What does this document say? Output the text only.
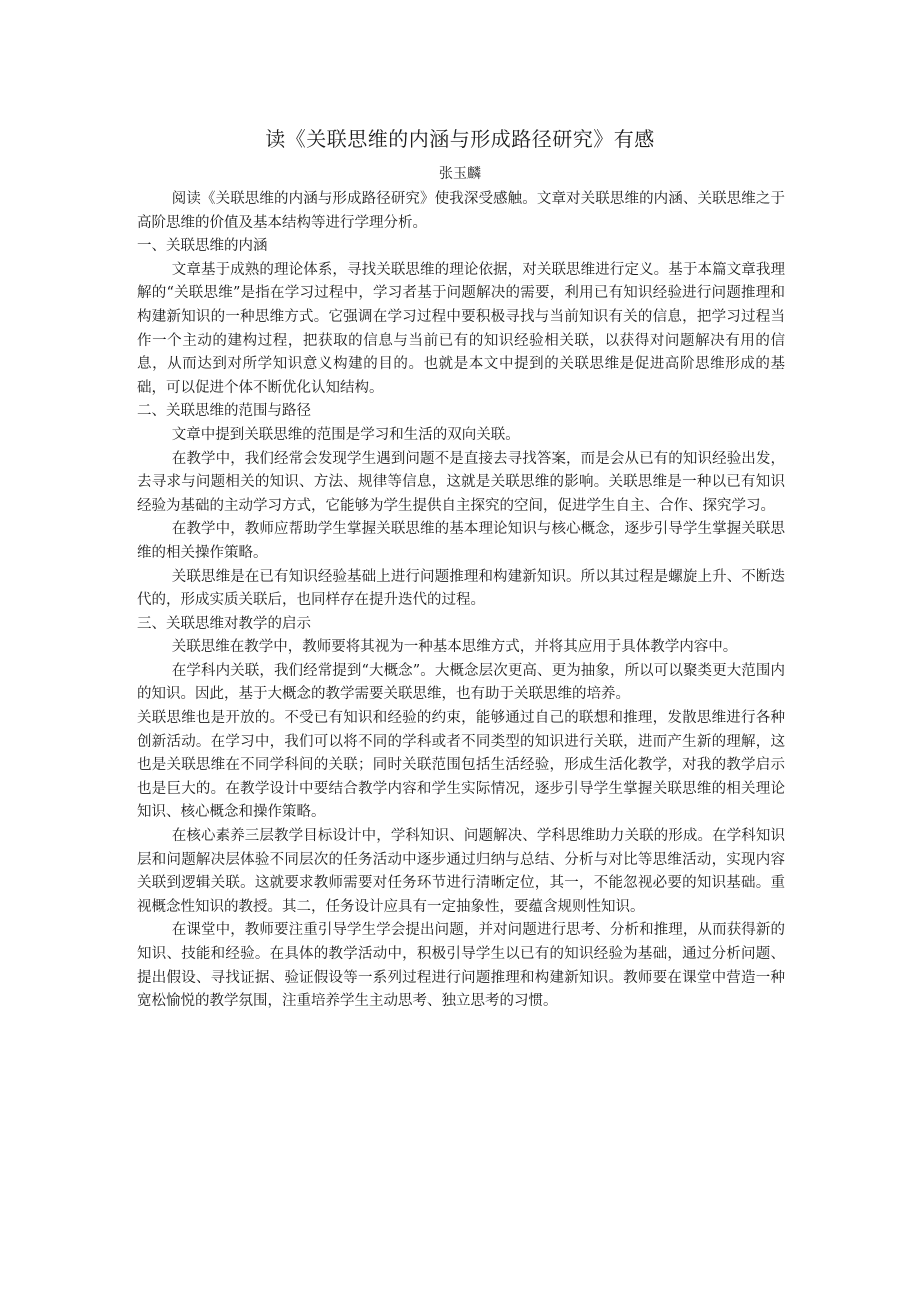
读《关联思维的内涵与形成路径研究》有感
张玉麟

阅读《关联思维的内涵与形成路径研究》使我深受感触。文章对关联思维的内涵、关联思维之于高阶思维的价值及基本结构等进行学理分析。

一、关联思维的内涵

文章基于成熟的理论体系，寻找关联思维的理论依据，对关联思维进行定义。基于本篇文章我理解的“关联思维”是指在学习过程中，学习者基于问题解决的需要，利用已有知识经验进行问题推理和构建新知识的一种思维方式。它强调在学习过程中要积极寻找与当前知识有关的信息，把学习过程当作一个主动的建构过程，把获取的信息与当前已有的知识经验相关联，以获得对问题解决有用的信息，从而达到对所学知识意义构建的目的。也就是本文中提到的关联思维是促进高阶思维形成的基础，可以促进个体不断优化认知结构。

二、关联思维的范围与路径

文章中提到关联思维的范围是学习和生活的双向关联。

在教学中，我们经常会发现学生遇到问题不是直接去寻找答案，而是会从已有的知识经验出发，去寻求与问题相关的知识、方法、规律等信息，这就是关联思维的影响。关联思维是一种以已有知识经验为基础的主动学习方式，它能够为学生提供自主探究的空间，促进学生自主、合作、探究学习。

在教学中，教师应帮助学生掌握关联思维的基本理论知识与核心概念，逐步引导学生掌握关联思维的相关操作策略。

关联思维是在已有知识经验基础上进行问题推理和构建新知识。所以其过程是螺旋上升、不断迭代的，形成实质关联后，也同样存在提升迭代的过程。

三、关联思维对教学的启示

关联思维在教学中，教师要将其视为一种基本思维方式，并将其应用于具体教学内容中。

在学科内关联，我们经常提到“大概念”。大概念层次更高、更为抽象，所以可以聚类更大范围内的知识。因此，基于大概念的教学需要关联思维，也有助于关联思维的培养。

关联思维也是开放的。不受已有知识和经验的约束，能够通过自己的联想和推理，发散思维进行各种创新活动。在学习中，我们可以将不同的学科或者不同类型的知识进行关联，进而产生新的理解，这也是关联思维在不同学科间的关联；同时关联范围包括生活经验，形成生活化教学，对我的教学启示也是巨大的。在教学设计中要结合教学内容和学生实际情况，逐步引导学生掌握关联思维的相关理论知识、核心概念和操作策略。

在核心素养三层教学目标设计中，学科知识、问题解决、学科思维助力关联的形成。在学科知识层和问题解决层体验不同层次的任务活动中逐步通过归纳与总结、分析与对比等思维活动，实现内容关联到逻辑关联。这就要求教师需要对任务环节进行清晰定位，其一，不能忽视必要的知识基础。重视概念性知识的教授。其二，任务设计应具有一定抽象性，要蕴含规则性知识。

在课堂中，教师要注重引导学生学会提出问题，并对问题进行思考、分析和推理，从而获得新的知识、技能和经验。在具体的教学活动中，积极引导学生以已有的知识经验为基础，通过分析问题、提出假设、寻找证据、验证假设等一系列过程进行问题推理和构建新知识。教师要在课堂中营造一种宽松愉悦的教学氛围，注重培养学生主动思考、独立思考的习惯。
